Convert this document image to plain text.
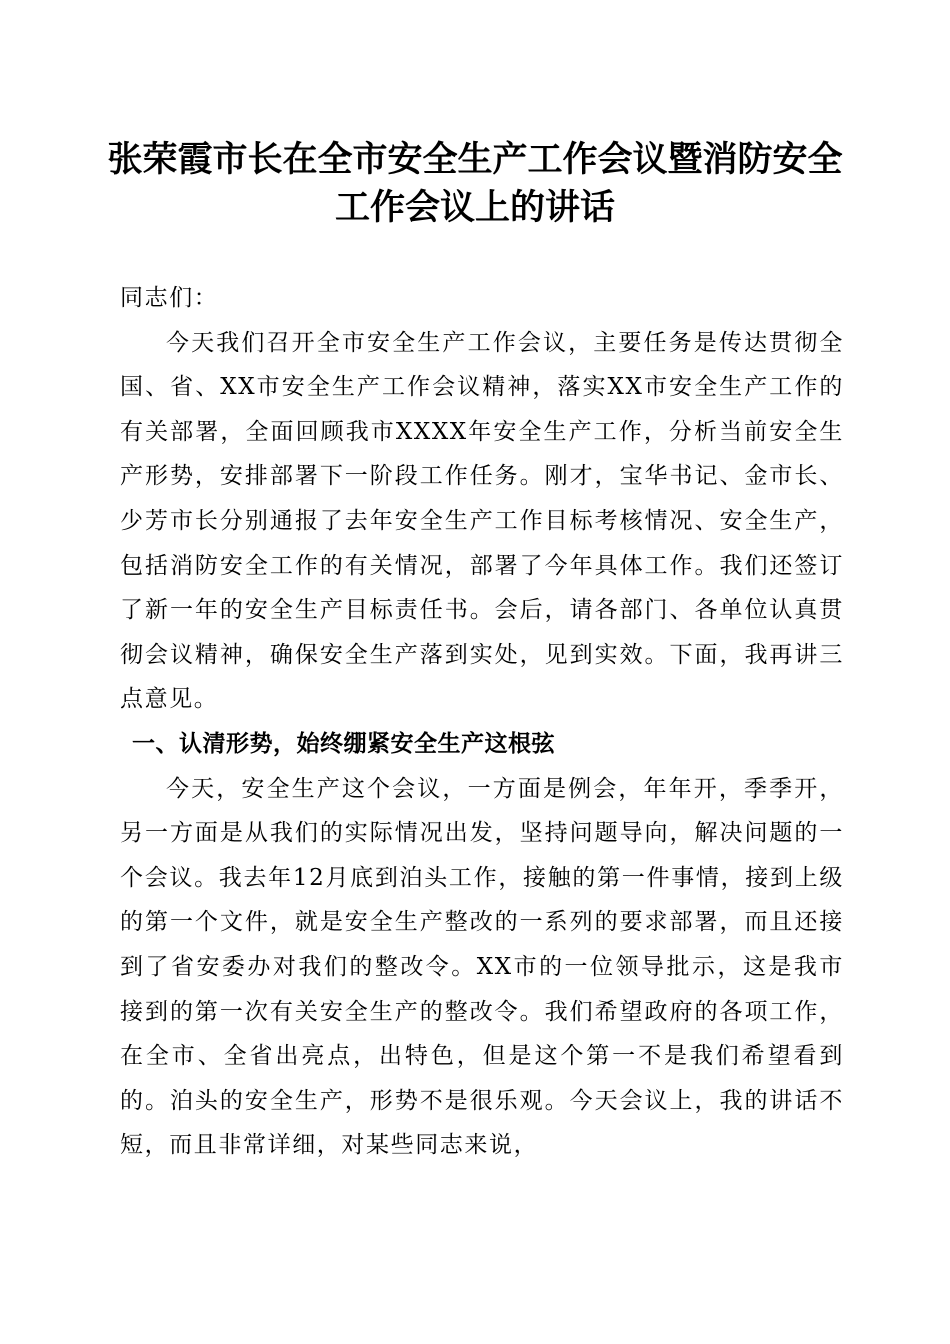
张荣霞市长在全市安全生产工作会议暨消防安全工作会议上的讲话

同志们：

今天我们召开全市安全生产工作会议，主要任务是传达贯彻全国、省、XX市安全生产工作会议精神，落实XX市安全生产工作的有关部署，全面回顾我市XXXX年安全生产工作，分析当前安全生产形势，安排部署下一阶段工作任务。刚才，宝华书记、金市长、少芳市长分别通报了去年安全生产工作目标考核情况、安全生产，包括消防安全工作的有关情况，部署了今年具体工作。我们还签订了新一年的安全生产目标责任书。会后，请各部门、各单位认真贯彻会议精神，确保安全生产落到实处，见到实效。下面，我再讲三点意见。

一、认清形势，始终绷紧安全生产这根弦

今天，安全生产这个会议，一方面是例会，年年开，季季开，另一方面是从我们的实际情况出发，坚持问题导向，解决问题的一个会议。我去年12月底到泊头工作，接触的第一件事情，接到上级的第一个文件，就是安全生产整改的一系列的要求部署，而且还接到了省安委办对我们的整改令。XX市的一位领导批示，这是我市接到的第一次有关安全生产的整改令。我们希望政府的各项工作，在全市、全省出亮点，出特色，但是这个第一不是我们希望看到的。泊头的安全生产，形势不是很乐观。今天会议上，我的讲话不短，而且非常详细，对某些同志来说，
